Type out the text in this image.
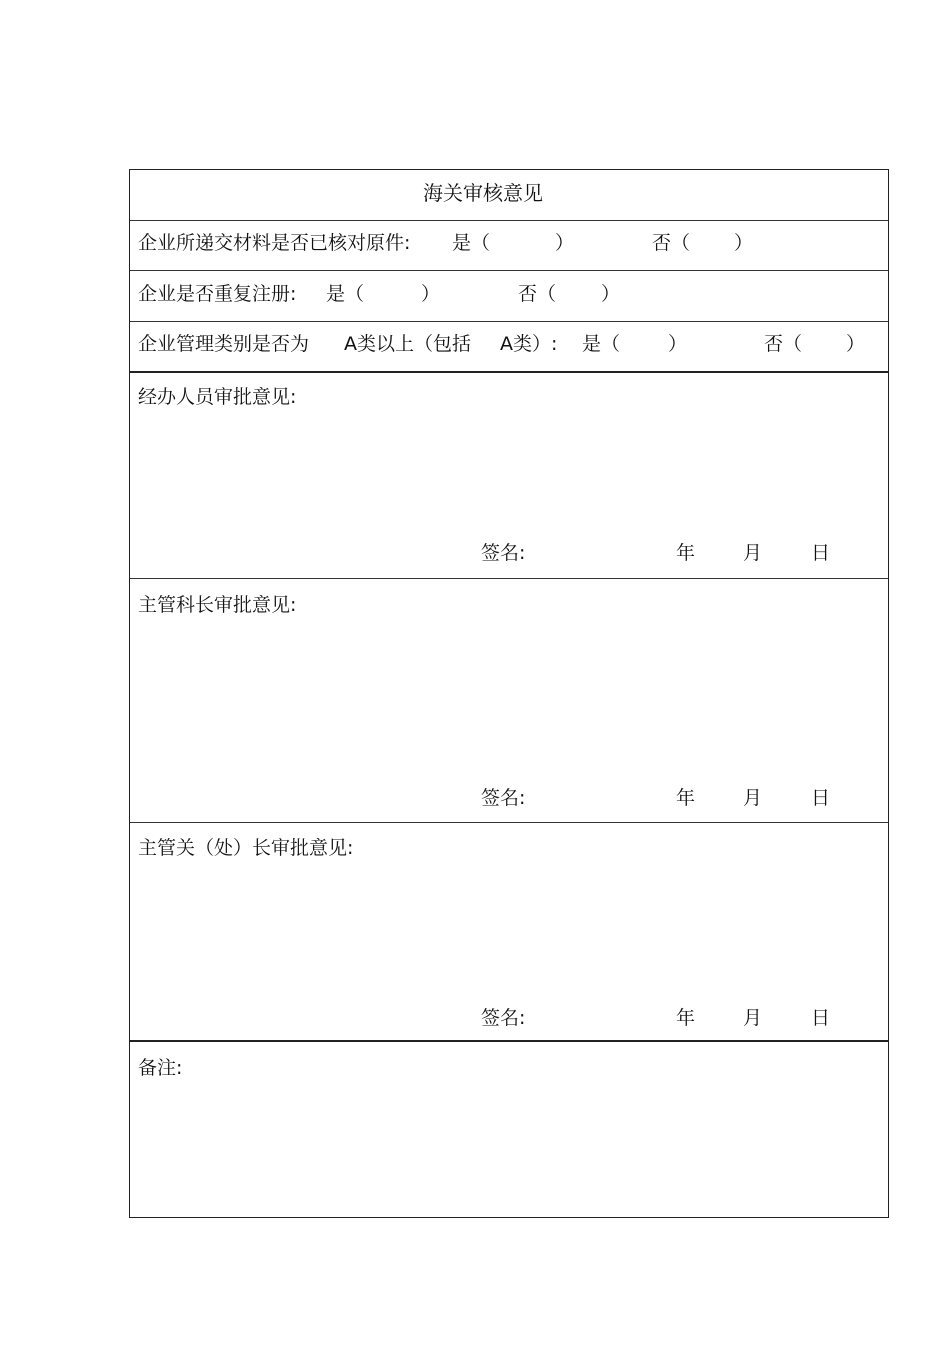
海关审核意见
企业所递交材料是否已核对原件: 是（	）	否（ ）
企业是否重复注册: 是（	）	否（ ）
企业管理类别是否为 A类以上（包括 A类）: 是（	）	否（ ）
经办人员审批意见:
签名:	年	月	日
主管科长审批意见:
签名:	年	月	日
主管关（处）长审批意见:
签名:	年	月	日
备注:
